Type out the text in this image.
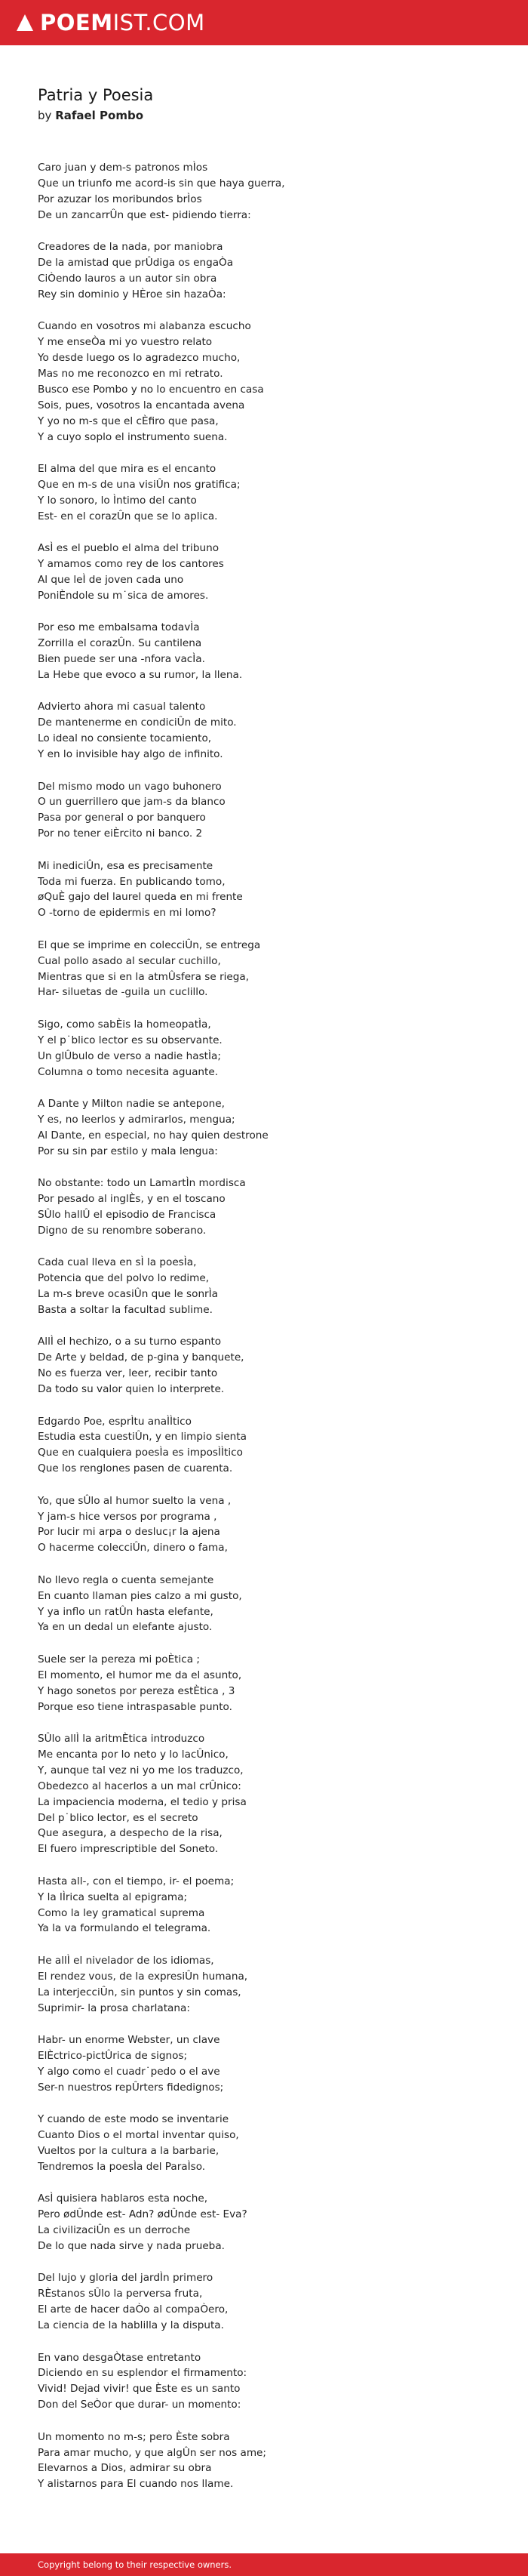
POEMIST.COM
Patria y Poesia
by Rafael Pombo

Caro juan y dem-s patronos mÌos
Que un triunfo me acord-is sin que haya guerra,
Por azuzar los moribundos brÌos
De un zancarrÛn que est- pidiendo tierra:

Creadores de la nada, por maniobra
De la amistad que prÛdiga os engaÒa
CiÒendo lauros a un autor sin obra
Rey sin dominio y HÈroe sin hazaÒa:

Cuando en vosotros mi alabanza escucho
Y me enseÒa mi yo vuestro relato
Yo desde luego os lo agradezco mucho,
Mas no me reconozco en mi retrato.
Busco ese Pombo y no lo encuentro en casa
Sois, pues, vosotros la encantada avena
Y yo no m-s que el cÈfiro que pasa,
Y a cuyo soplo el instrumento suena.

El alma del que mira es el encanto
Que en m-s de una visiÛn nos gratifica;
Y lo sonoro, lo Ìntimo del canto
Est- en el corazÛn que se lo aplica.

AsÌ es el pueblo el alma del tribuno
Y amamos como rey de los cantores
Al que leÌ de joven cada uno
PoniÈndole su m˙sica de amores.

Por eso me embalsama todavÌa
Zorrilla el corazÛn. Su cantilena
Bien puede ser una -nfora vacÌa.
La Hebe que evoco a su rumor, la llena.

Advierto ahora mi casual talento
De mantenerme en condiciÛn de mito.
Lo ideal no consiente tocamiento,
Y en lo invisible hay algo de infinito.

Del mismo modo un vago buhonero
O un guerrillero que jam-s da blanco
Pasa por general o por banquero
Por no tener eiÈrcito ni banco. 2

Mi inediciÛn, esa es precisamente
Toda mi fuerza. En publicando tomo,
øQuÈ gajo del laurel queda en mi frente
O -torno de epidermis en mi lomo?

El que se imprime en colecciÛn, se entrega
Cual pollo asado al secular cuchillo,
Mientras que si en la atmÛsfera se riega,
Har- siluetas de -guila un cuclillo.

Sigo, como sabÈis la homeopatÌa,
Y el p˙blico lector es su observante.
Un glÛbulo de verso a nadie hastÌa;
Columna o tomo necesita aguante.

A Dante y Milton nadie se antepone,
Y es, no leerlos y admirarlos, mengua;
Al Dante, en especial, no hay quien destrone
Por su sin par estilo y mala lengua:

No obstante: todo un LamartÌn mordisca
Por pesado al inglÈs, y en el toscano
SÛlo hallÛ el episodio de Francisca
Digno de su renombre soberano.

Cada cual lleva en sÌ la poesÌa,
Potencia que del polvo lo redime,
La m-s breve ocasiÛn que le sonrÌa
Basta a soltar la facultad sublime.

AllÌ el hechizo, o a su turno espanto
De Arte y beldad, de p-gina y banquete,
No es fuerza ver, leer, recibir tanto
Da todo su valor quien lo interprete.

Edgardo Poe, esprÌtu anaÌÌtico
Estudia esta cuestiÛn, y en limpio sienta
Que en cualquiera poesÌa es imposÌÌtico
Que los renglones pasen de cuarenta.

Yo, que sÛlo al humor suelto la vena ,
Y jam-s hice versos por programa ,
Por lucir mi arpa o desluc¡r la ajena
O hacerme colecciÛn, dinero o fama,

No llevo regla o cuenta semejante
En cuanto llaman pies calzo a mi gusto,
Y ya inflo un ratÛn hasta elefante,
Ya en un dedal un elefante ajusto.

Suele ser la pereza mi poÈtica ;
El momento, el humor me da el asunto,
Y hago sonetos por pereza estÈtica , 3
Porque eso tiene intraspasable punto.

SÛlo allÌ la aritmÈtica introduzco
Me encanta por lo neto y lo lacÛnico,
Y, aunque tal vez ni yo me los traduzco,
Obedezco al hacerlos a un mal crÛnico:
La impaciencia moderna, el tedio y prisa
Del p˙blico lector, es el secreto
Que asegura, a despecho de la risa,
El fuero imprescriptible del Soneto.

Hasta all-, con el tiempo, ir- el poema;
Y la lÌrica suelta al epigrama;
Como la ley gramatical suprema
Ya la va formulando el telegrama.

He allÌ el nivelador de los idiomas,
El rendez vous, de la expresiÛn humana,
La interjecciÛn, sin puntos y sin comas,
Suprimir- la prosa charlatana:

Habr- un enorme Webster, un clave
ElÈctrico-pictÛrica de signos;
Y algo como el cuadr˙pedo o el ave
Ser-n nuestros repÛrters fidedignos;

Y cuando de este modo se inventarie
Cuanto Dios o el mortal inventar quiso,
Vueltos por la cultura a la barbarie,
Tendremos la poesÌa del ParaÌso.

AsÌ quisiera hablaros esta noche,
Pero ødÛnde est- Adn? ødÛnde est- Eva?
La civilizaciÛn es un derroche
De lo que nada sirve y nada prueba.

Del lujo y gloria del jardÌn primero
RÈstanos sÛlo la perversa fruta,
El arte de hacer daÒo al compaÒero,
La ciencia de la hablilla y la disputa.

En vano desgaÒtase entretanto
Diciendo en su esplendor el firmamento:
Vivid! Dejad vivir! que Èste es un santo
Don del SeÒor que durar- un momento:

Un momento no m-s; pero Èste sobra
Para amar mucho, y que algÛn ser nos ame;
Elevarnos a Dios, admirar su obra
Y alistarnos para El cuando nos llame.

Copyright belong to their respective owners.
